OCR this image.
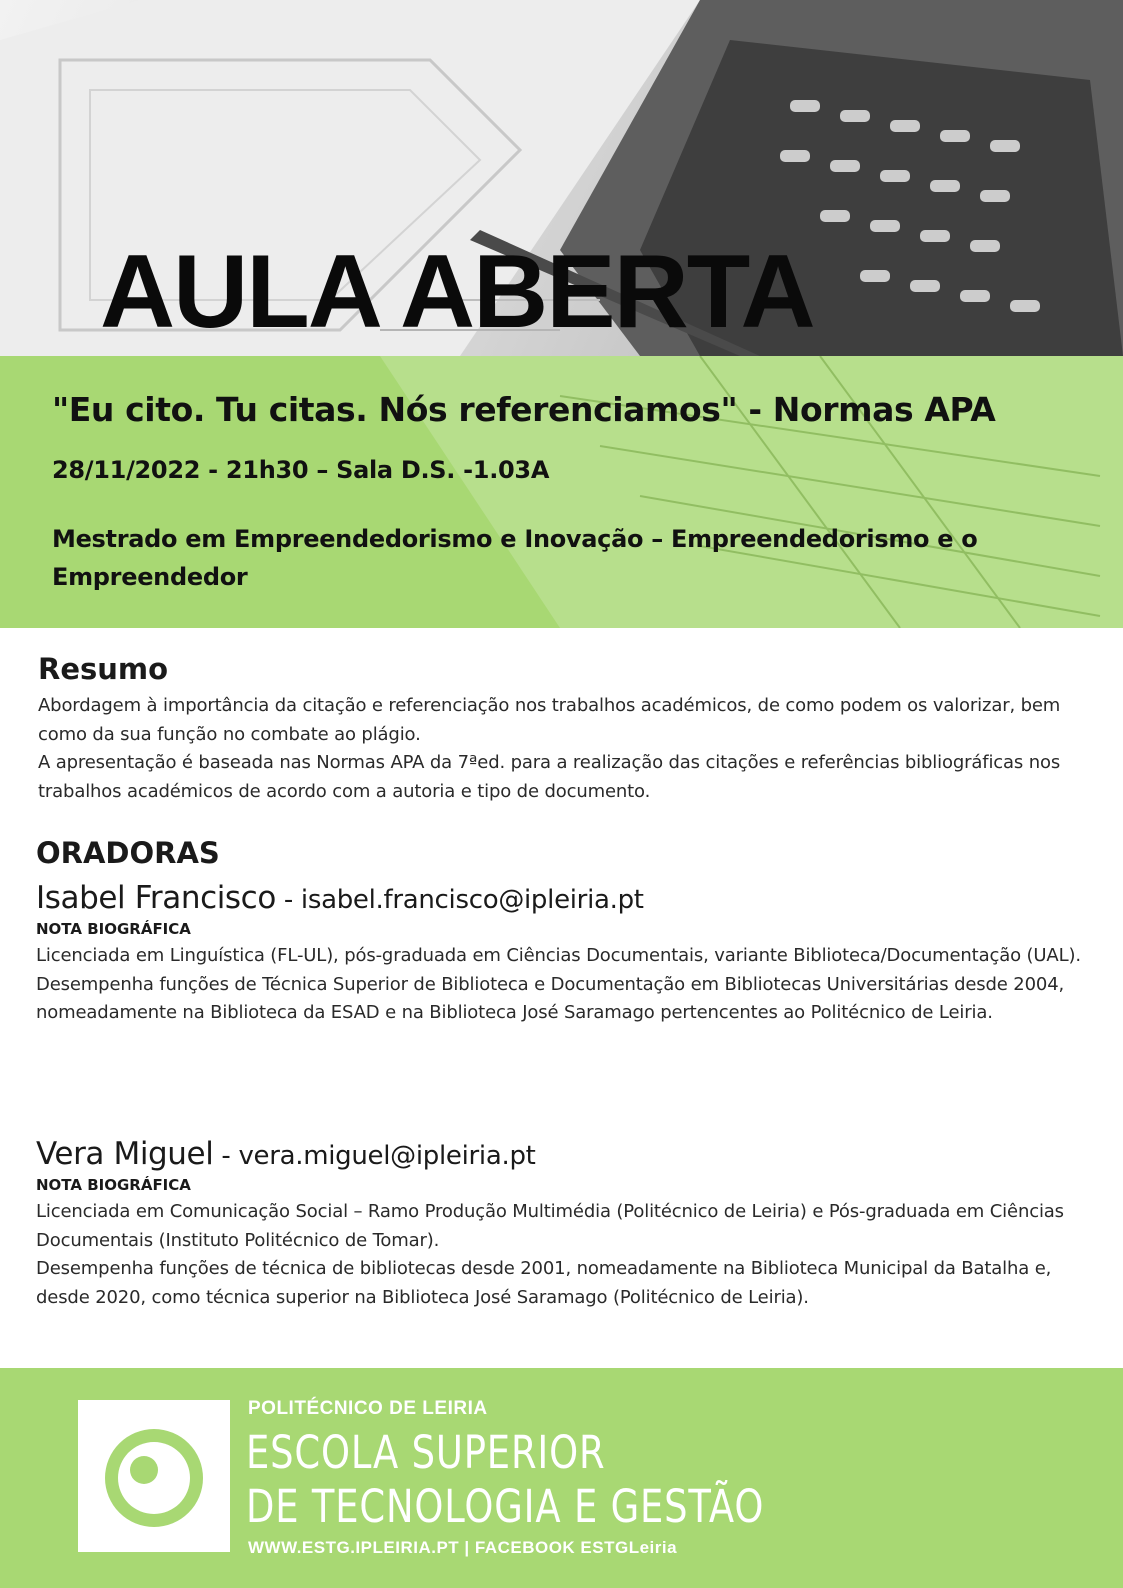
AULA ABERTA

"Eu cito. Tu citas. Nós referenciamos" - Normas APA

28/11/2022 - 21h30 – Sala D.S. -1.03A

Mestrado em Empreendedorismo e Inovação – Empreendedorismo e o Empreendedor

Resumo
Abordagem à importância da citação e referenciação nos trabalhos académicos, de como podem os valorizar, bem como da sua função no combate ao plágio.
A apresentação é baseada nas Normas APA da 7ªed. para a realização das citações e referências bibliográficas nos trabalhos académicos de acordo com a autoria e tipo de documento.
ORADORAS

Isabel Francisco - isabel.francisco@ipleiria.pt

NOTA BIOGRÁFICA

Licenciada em Linguística (FL-UL), pós-graduada em Ciências Documentais, variante Biblioteca/Documentação (UAL).
Desempenha funções de Técnica Superior de Biblioteca e Documentação em Bibliotecas Universitárias desde 2004, nomeadamente na Biblioteca da ESAD e na Biblioteca José Saramago pertencentes ao Politécnico de Leiria.

Vera Miguel - vera.miguel@ipleiria.pt

NOTA BIOGRÁFICA

Licenciada em Comunicação Social – Ramo Produção Multimédia (Politécnico de Leiria) e Pós-graduada em Ciências Documentais (Instituto Politécnico de Tomar).
Desempenha funções de técnica de bibliotecas desde 2001, nomeadamente na Biblioteca Municipal da Batalha e, desde 2020, como técnica superior na Biblioteca José Saramago (Politécnico de Leiria).

POLITÉCNICO DE LEIRIA

ESCOLA SUPERIOR

DE TECNOLOGIA E GESTÃO

WWW.ESTG.IPLEIRIA.PT | FACEBOOK ESTGLeiria
